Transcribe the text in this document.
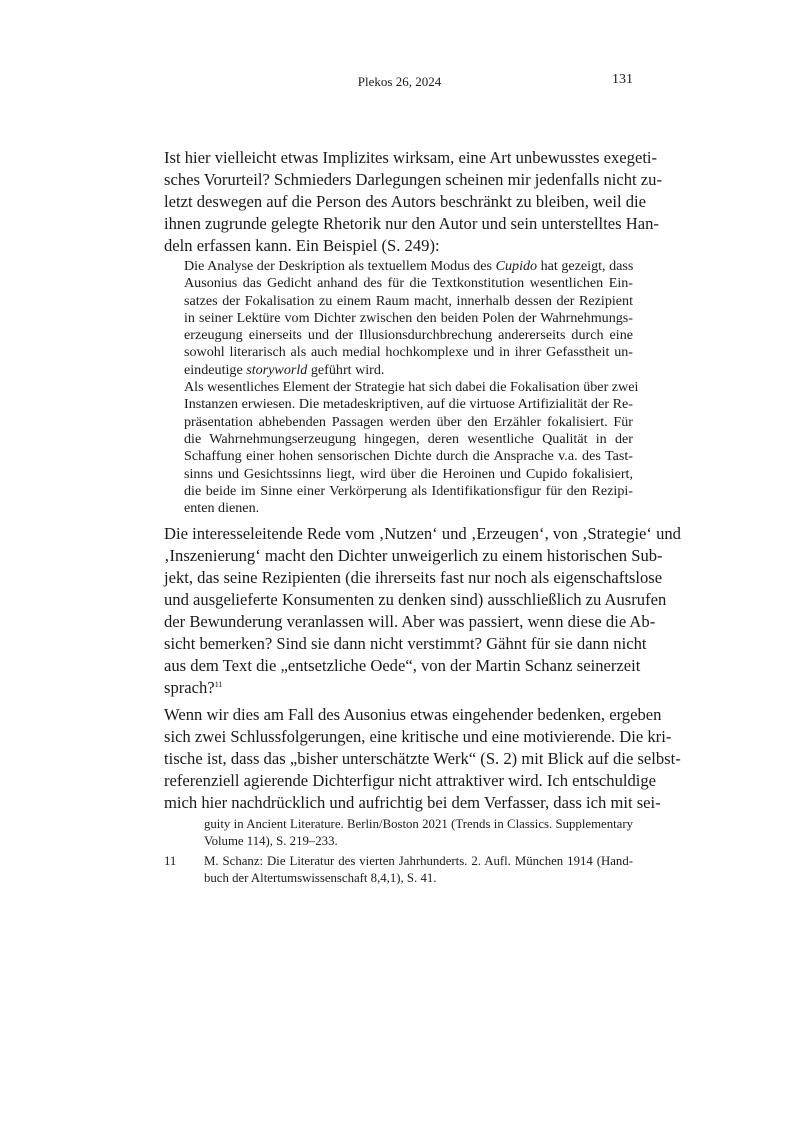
Plekos 26, 2024	131
Ist hier vielleicht etwas Implizites wirksam, eine Art unbewusstes exegeti-
sches Vorurteil? Schmieders Darlegungen scheinen mir jedenfalls nicht zu-
letzt deswegen auf die Person des Autors beschränkt zu bleiben, weil die
ihnen zugrunde gelegte Rhetorik nur den Autor und sein unterstelltes Han-
deln erfassen kann. Ein Beispiel (S. 249):
Die Analyse der Deskription als textuellem Modus des Cupido hat gezeigt, dass
Ausonius das Gedicht anhand des für die Textkonstitution wesentlichen Ein-
satzes der Fokalisation zu einem Raum macht, innerhalb dessen der Rezipient
in seiner Lektüre vom Dichter zwischen den beiden Polen der Wahrnehmungs-
erzeugung einerseits und der Illusionsdurchbrechung andererseits durch eine
sowohl literarisch als auch medial hochkomplexe und in ihrer Gefasstheit un-
eindeutige storyworld geführt wird.
Als wesentliches Element der Strategie hat sich dabei die Fokalisation über zwei
Instanzen erwiesen. Die metadeskriptiven, auf die virtuose Artifizialität der Re-
präsentation abhebenden Passagen werden über den Erzähler fokalisiert. Für
die Wahrnehmungserzeugung hingegen, deren wesentliche Qualität in der
Schaffung einer hohen sensorischen Dichte durch die Ansprache v.a. des Tast-
sinns und Gesichtssinns liegt, wird über die Heroinen und Cupido fokalisiert,
die beide im Sinne einer Verkörperung als Identifikationsfigur für den Rezipi-
enten dienen.
Die interesseleitende Rede vom ‚Nutzen‘ und ‚Erzeugen‘, von ‚Strategie‘ und
‚Inszenierung‘ macht den Dichter unweigerlich zu einem historischen Sub-
jekt, das seine Rezipienten (die ihrerseits fast nur noch als eigenschaftslose
und ausgelieferte Konsumenten zu denken sind) ausschließlich zu Ausrufen
der Bewunderung veranlassen will. Aber was passiert, wenn diese die Ab-
sicht bemerken? Sind sie dann nicht verstimmt? Gähnt für sie dann nicht
aus dem Text die „entsetzliche Oede“, von der Martin Schanz seinerzeit
sprach?$^{11}$
Wenn wir dies am Fall des Ausonius etwas eingehender bedenken, ergeben
sich zwei Schlussfolgerungen, eine kritische und eine motivierende. Die kri-
tische ist, dass das „bisher unterschätzte Werk“ (S. 2) mit Blick auf die selbst-
referenziell agierende Dichterfigur nicht attraktiver wird. Ich entschuldige
mich hier nachdrücklich und aufrichtig bei dem Verfasser, dass ich mit sei-
guity in Ancient Literature. Berlin/Boston 2021 (Trends in Classics. Supplementary
Volume 114), S. 219–233.
11 M. Schanz: Die Literatur des vierten Jahrhunderts. 2. Aufl. München 1914 (Hand-
buch der Altertumswissenschaft 8,4,1), S. 41.
